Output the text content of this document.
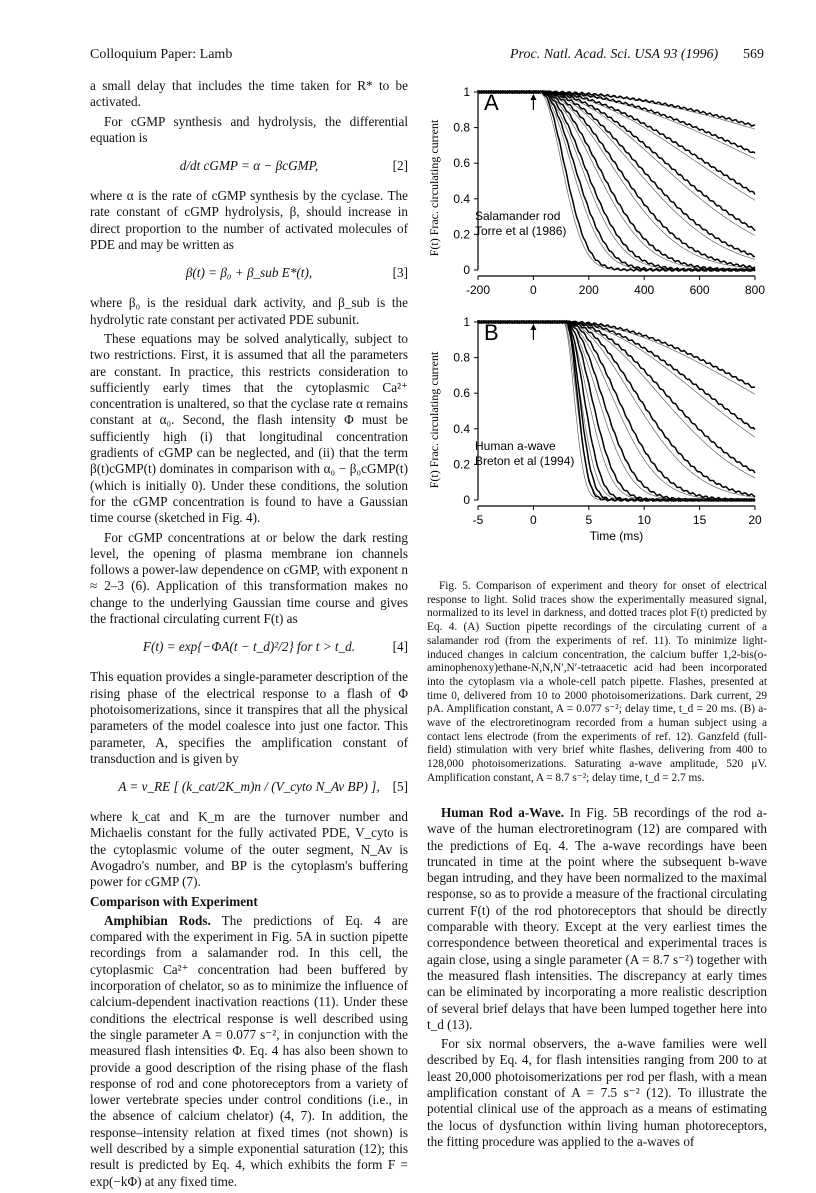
Colloquium Paper: Lamb	Proc. Natl. Acad. Sci. USA 93 (1996) 569

a small delay that includes the time taken for R* to be activated.

For cGMP synthesis and hydrolysis, the differential equation is

d/dt cGMP = α − βcGMP,	[2]

where α is the rate of cGMP synthesis by the cyclase. The rate constant of cGMP hydrolysis, β, should increase in direct proportion to the number of activated molecules of PDE and may be written as

β(t) = β₀ + β_sub E*(t),	[3]

where β₀ is the residual dark activity, and β_sub is the hydrolytic rate constant per activated PDE subunit.

These equations may be solved analytically, subject to two restrictions. First, it is assumed that all the parameters are constant. In practice, this restricts consideration to sufficiently early times that the cytoplasmic Ca²⁺ concentration is unaltered, so that the cyclase rate α remains constant at α₀. Second, the flash intensity Φ must be sufficiently high (i) that longitudinal concentration gradients of cGMP can be neglected, and (ii) that the term β(t)cGMP(t) dominates in comparison with α₀ − β₀cGMP(t) (which is initially 0). Under these conditions, the solution for the cGMP concentration is found to have a Gaussian time course (sketched in Fig. 4).

For cGMP concentrations at or below the dark resting level, the opening of plasma membrane ion channels follows a power-law dependence on cGMP, with exponent n ≈ 2–3 (6). Application of this transformation makes no change to the underlying Gaussian time course and gives the fractional circulating current F(t) as

F(t) = exp{−ΦA(t − t_d)²/2} for t > t_d.	[4]

This equation provides a single-parameter description of the rising phase of the electrical response to a flash of Φ photoisomerizations, since it transpires that all the physical parameters of the model coalesce into just one factor. This parameter, A, specifies the amplification constant of transduction and is given by

A = ν_RE [ (k_cat/2K_m)n / (V_cyto N_Av BP) ], [5]

where k_cat and K_m are the turnover number and Michaelis constant for the fully activated PDE, V_cyto is the cytoplasmic volume of the outer segment, N_Av is Avogadro's number, and BP is the cytoplasm's buffering power for cGMP (7).

Comparison with Experiment

Amphibian Rods. The predictions of Eq. 4 are compared with the experiment in Fig. 5A in suction pipette recordings from a salamander rod. In this cell, the cytoplasmic Ca²⁺ concentration had been buffered by incorporation of chelator, so as to minimize the influence of calcium-dependent inactivation reactions (11). Under these conditions the electrical response is well described using the single parameter A = 0.077 s⁻², in conjunction with the measured flash intensities Φ. Eq. 4 has also been shown to provide a good description of the rising phase of the flash response of rod and cone photoreceptors from a variety of lower vertebrate species under control conditions (i.e., in the absence of calcium chelator) (4, 7). In addition, the response–intensity relation at fixed times (not shown) is well described by a simple exponential saturation (12); this result is predicted by Eq. 4, which exhibits the form F = exp(−kΦ) at any fixed time.

0
0.2
0.4
0.6
0.8
1
-200	0	200	400	600	800
A
F(t) Frac. circulating current	Salamander rod
Torre et al (1986)
0
0.2
0.4
0.6
0.8
1
-5	0	5	10	15	20
B
F(t) Frac. circulating current	Human a-wave
Breton et al (1994)
Time (ms)

Fig. 5. Comparison of experiment and theory for onset of electrical response to light. Solid traces show the experimentally measured signal, normalized to its level in darkness, and dotted traces plot F(t) predicted by Eq. 4. (A) Suction pipette recordings of the circulating current of a salamander rod (from the experiments of ref. 11). To minimize light-induced changes in calcium concentration, the calcium buffer 1,2-bis(o-aminophenoxy)ethane-N,N,N′,N′-tetraacetic acid had been incorporated into the cytoplasm via a whole-cell patch pipette. Flashes, presented at time 0, delivered from 10 to 2000 photoisomerizations. Dark current, 29 pA. Amplification constant, A = 0.077 s⁻²; delay time, t_d = 20 ms. (B) a-wave of the electroretinogram recorded from a human subject using a contact lens electrode (from the experiments of ref. 12). Ganzfeld (full-field) stimulation with very brief white flashes, delivering from 400 to 128,000 photoisomerizations. Saturating a-wave amplitude, 520 μV. Amplification constant, A = 8.7 s⁻²; delay time, t_d = 2.7 ms.

Human Rod a-Wave. In Fig. 5B recordings of the rod a-wave of the human electroretinogram (12) are compared with the predictions of Eq. 4. The a-wave recordings have been truncated in time at the point where the subsequent b-wave began intruding, and they have been normalized to the maximal response, so as to provide a measure of the fractional circulating current F(t) of the rod photoreceptors that should be directly comparable with theory. Except at the very earliest times the correspondence between theoretical and experimental traces is again close, using a single parameter (A = 8.7 s⁻²) together with the measured flash intensities. The discrepancy at early times can be eliminated by incorporating a more realistic description of several brief delays that have been lumped together here into t_d (13).

For six normal observers, the a-wave families were well described by Eq. 4, for flash intensities ranging from 200 to at least 20,000 photoisomerizations per rod per flash, with a mean amplification constant of A = 7.5 s⁻² (12). To illustrate the potential clinical use of the approach as a means of estimating the locus of dysfunction within living human photoreceptors, the fitting procedure was applied to the a-waves of
